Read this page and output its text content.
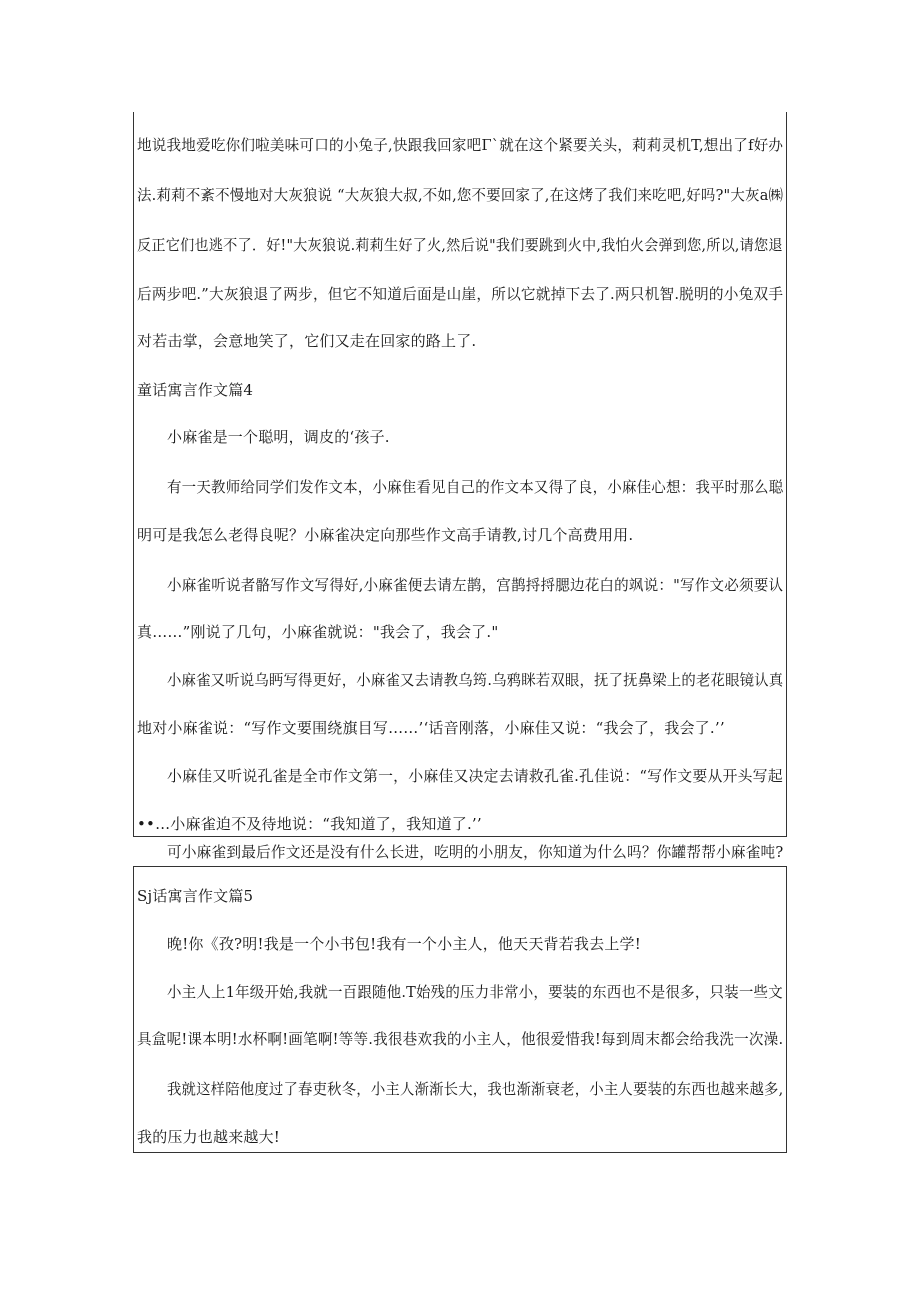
地说我地爱吃你们啦美味可口的小兔子,快跟我回家吧Γ`就在这个紧要关头，莉莉灵机T,想出了f好办
法.莉莉不紊不慢地对大灰狼说 “大灰狼大叔,不如,您不要回家了,在这烤了我们来吃吧,好吗?"大灰a㈱
反正它们也逃不了．好!"大灰狼说.莉莉生好了火,然后说"我们要跳到火中,我怕火会弹到您,所以,请您退
后两步吧.”大灰狼退了两步，但它不知道后面是山崖，所以它就掉下去了.两只机智.脱明的小兔双手
对若击掌，会意地笑了，它们又走在回家的路上了.
童话寓言作文篇4
小麻雀是一个聪明，调皮的‘孩子.
有一天教师给同学们发作文本，小麻隹看见自己的作文本又得了良，小麻佳心想：我平时那么聪
明可是我怎么老得良呢？小麻雀决定向那些作文高手请教,讨几个高费用用.
小麻雀听说者骼写作文写得好,小麻雀便去请左鹊，宫鹊捋捋腮边花白的飒说："写作文必须要认
真……”刚说了几句，小麻雀就说："我会了，我会了."
小麻雀又听说乌眄写得更好，小麻雀又去请教乌筠.乌鸦眯若双眼，抚了抚鼻梁上的老花眼镜认真
地对小麻雀说：“写作文要围绕旗目写……’‘话音刚落，小麻佳又说：“我会了，我会了.’’
小麻佳又听说孔雀是全市作文第一，小麻佳又决定去请救孔雀.孔佳说：“写作文要从开头写起
••…小麻雀迫不及待地说：“我知道了，我知道了.’’
可小麻雀到最后作文还是没有什么长进，吃明的小朋友，你知道为什么吗？你罐帮帮小麻雀吨?
Sj话寓言作文篇5
晚!你《孜?明!我是一个小书包!我有一个小主人，他天天背若我去上学!
小主人上1年级开始,我就一百跟随他.T始残的压力非常小，要装的东西也不是很多，只装一些文
具盒呢!课本明!水杯啊!画笔啊!等等.我很巷欢我的小主人，他很爱惜我!每到周末都会给我洗一次澡.
我就这样陪他度过了春吏秋冬，小主人渐渐长大，我也渐渐衰老，小主人要装的东西也越来越多,
我的压力也越来越大!
